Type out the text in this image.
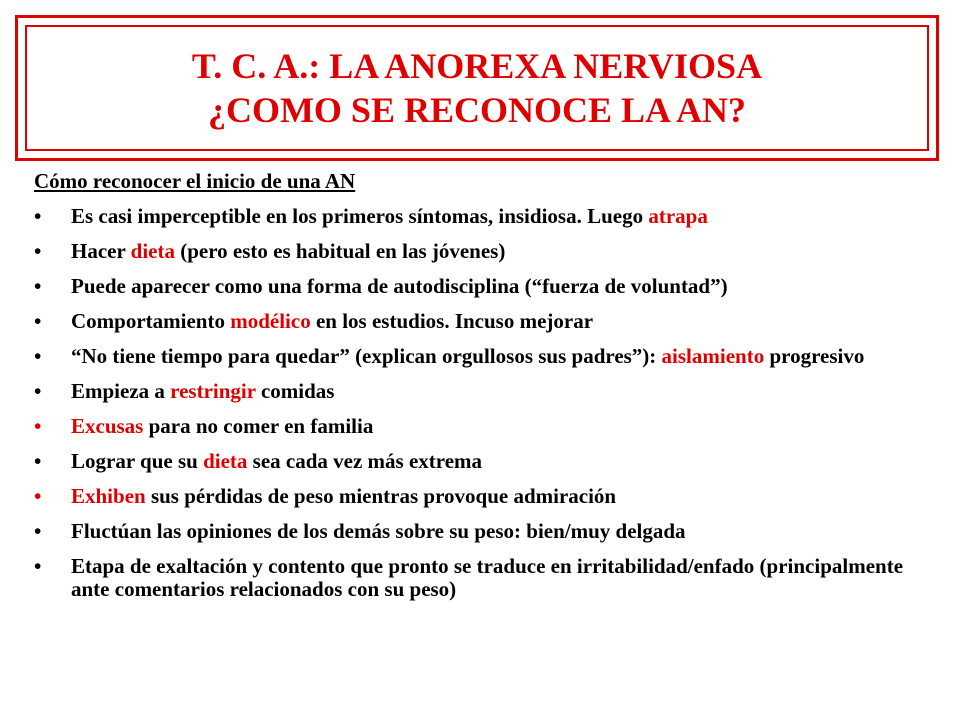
T. C. A.: LA ANOREXA NERVIOSA
¿COMO SE RECONOCE LA AN?
Cómo reconocer el inicio de una AN
• Es casi imperceptible en los primeros síntomas, insidiosa. Luego atrapa
• Hacer dieta (pero esto es habitual en las jóvenes)
• Puede aparecer como una forma de autodisciplina (“fuerza de voluntad”)
• Comportamiento modélico en los estudios. Incuso mejorar
• “No tiene tiempo para quedar” (explican orgullosos sus padres”): aislamiento progresivo
• Empieza a restringir comidas
• Excusas para no comer en familia
• Lograr que su dieta sea cada vez más extrema
• Exhiben sus pérdidas de peso mientras provoque admiración
• Fluctúan las opiniones de los demás sobre su peso: bien/muy delgada
• Etapa de exaltación y contento que pronto se traduce en irritabilidad/enfado (principalmente ante comentarios relacionados con su peso)
